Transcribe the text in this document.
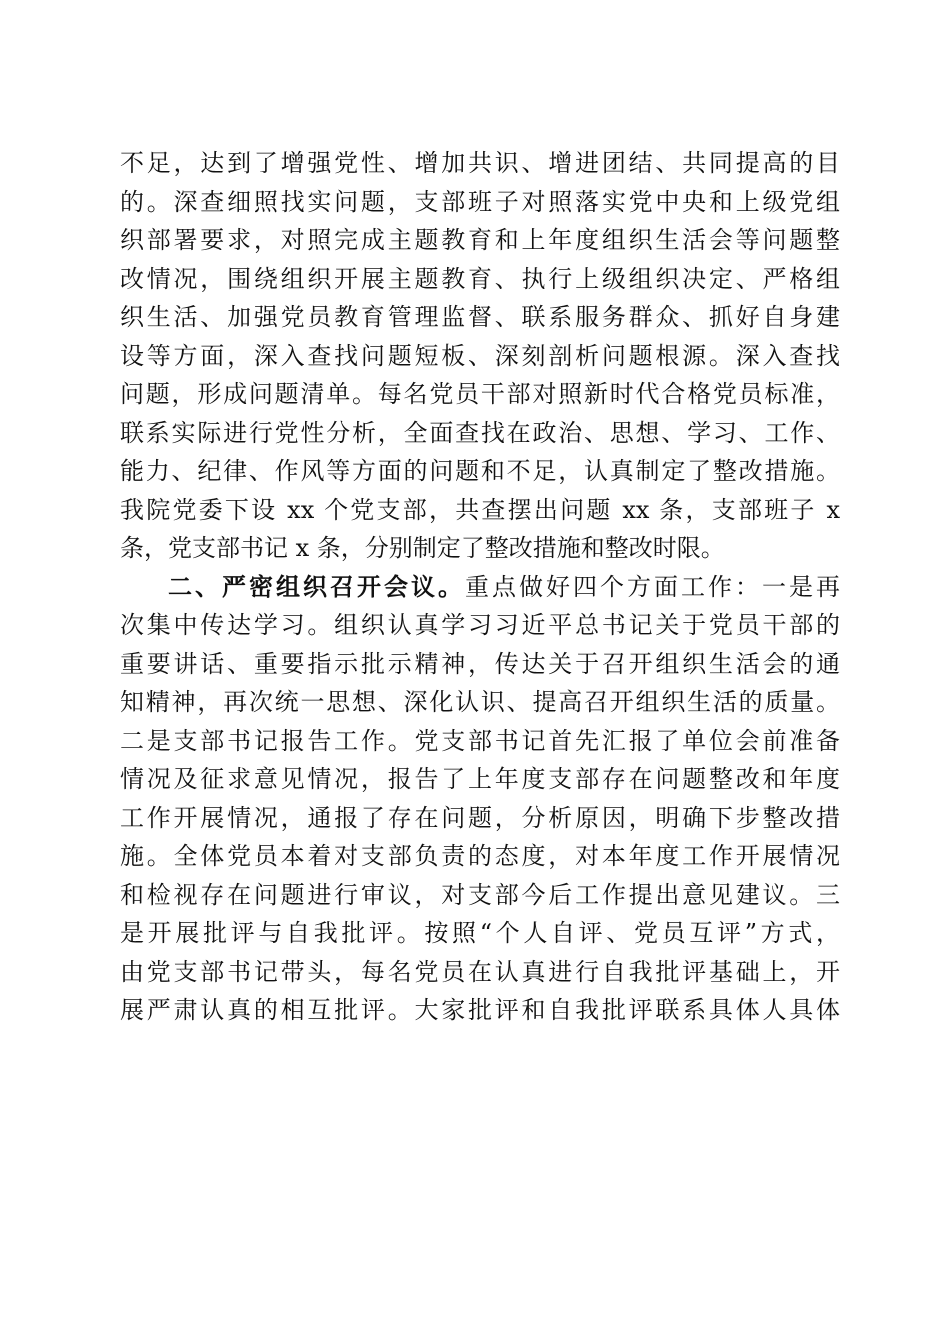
不足，达到了增强党性、增加共识、增进团结、共同提高的目
的。深查细照找实问题，支部班子对照落实党中央和上级党组
织部署要求，对照完成主题教育和上年度组织生活会等问题整
改情况，围绕组织开展主题教育、执行上级组织决定、严格组
织生活、加强党员教育管理监督、联系服务群众、抓好自身建
设等方面，深入查找问题短板、深刻剖析问题根源。深入查找
问题，形成问题清单。每名党员干部对照新时代合格党员标准，
联系实际进行党性分析，全面查找在政治、思想、学习、工作、
能力、纪律、作风等方面的问题和不足，认真制定了整改措施。
我院党委下设 xx 个党支部，共查摆出问题 xx 条，支部班子 x
条，党支部书记 x 条，分别制定了整改措施和整改时限。
二、严密组织召开会议。重点做好四个方面工作：一是再
次集中传达学习。组织认真学习习近平总书记关于党员干部的
重要讲话、重要指示批示精神，传达关于召开组织生活会的通
知精神，再次统一思想、深化认识、提高召开组织生活的质量。
二是支部书记报告工作。党支部书记首先汇报了单位会前准备
情况及征求意见情况，报告了上年度支部存在问题整改和年度
工作开展情况，通报了存在问题，分析原因，明确下步整改措
施。全体党员本着对支部负责的态度，对本年度工作开展情况
和检视存在问题进行审议，对支部今后工作提出意见建议。三
是开展批评与自我批评。按照“个人自评、党员互评”方式，
由党支部书记带头，每名党员在认真进行自我批评基础上，开
展严肃认真的相互批评。大家批评和自我批评联系具体人具体
